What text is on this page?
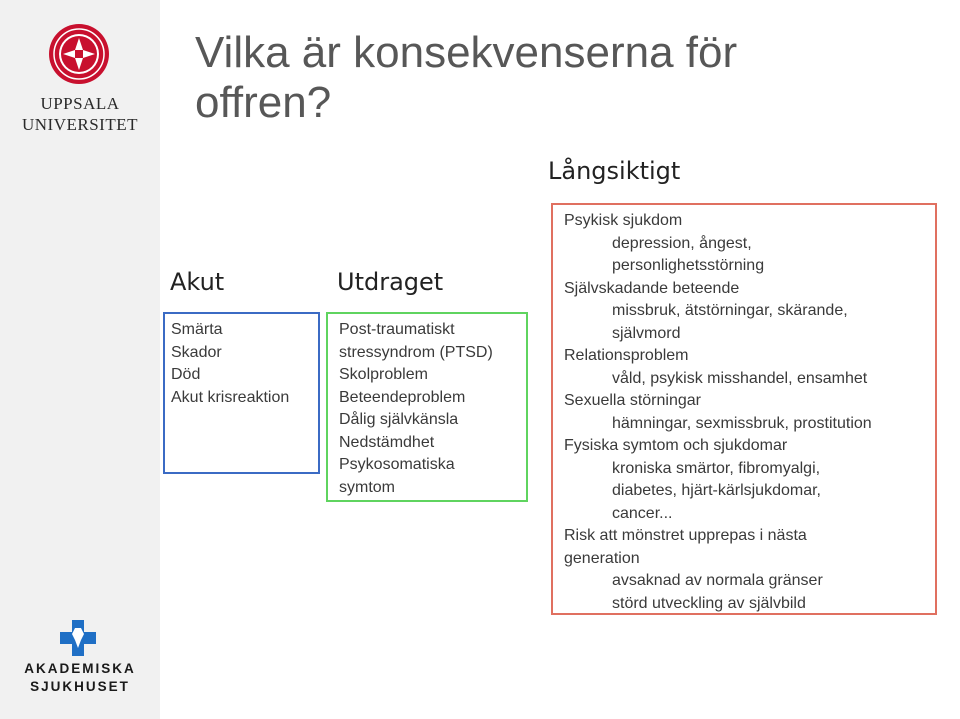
UPPSALA
UNIVERSITET
AKADEMISKA
SJUKHUSET
Vilka är konsekvenserna för
offren?
Långsiktigt
Akut	Utdraget
Smärta
Skador
Död
Akut krisreaktion
Post-traumatiskt
stressyndrom (PTSD)
Skolproblem
Beteendeproblem
Dålig självkänsla
Nedstämdhet
Psykosomatiska
symtom
Psykisk sjukdom
depression, ångest,
personlighetsstörning
Självskadande beteende
missbruk, ätstörningar, skärande,
självmord
Relationsproblem
våld, psykisk misshandel, ensamhet
Sexuella störningar
hämningar, sexmissbruk, prostitution
Fysiska symtom och sjukdomar
kroniska smärtor, fibromyalgi,
diabetes, hjärt-kärlsjukdomar,
cancer...
Risk att mönstret upprepas i nästa
generation
avsaknad av normala gränser
störd utveckling av självbild
